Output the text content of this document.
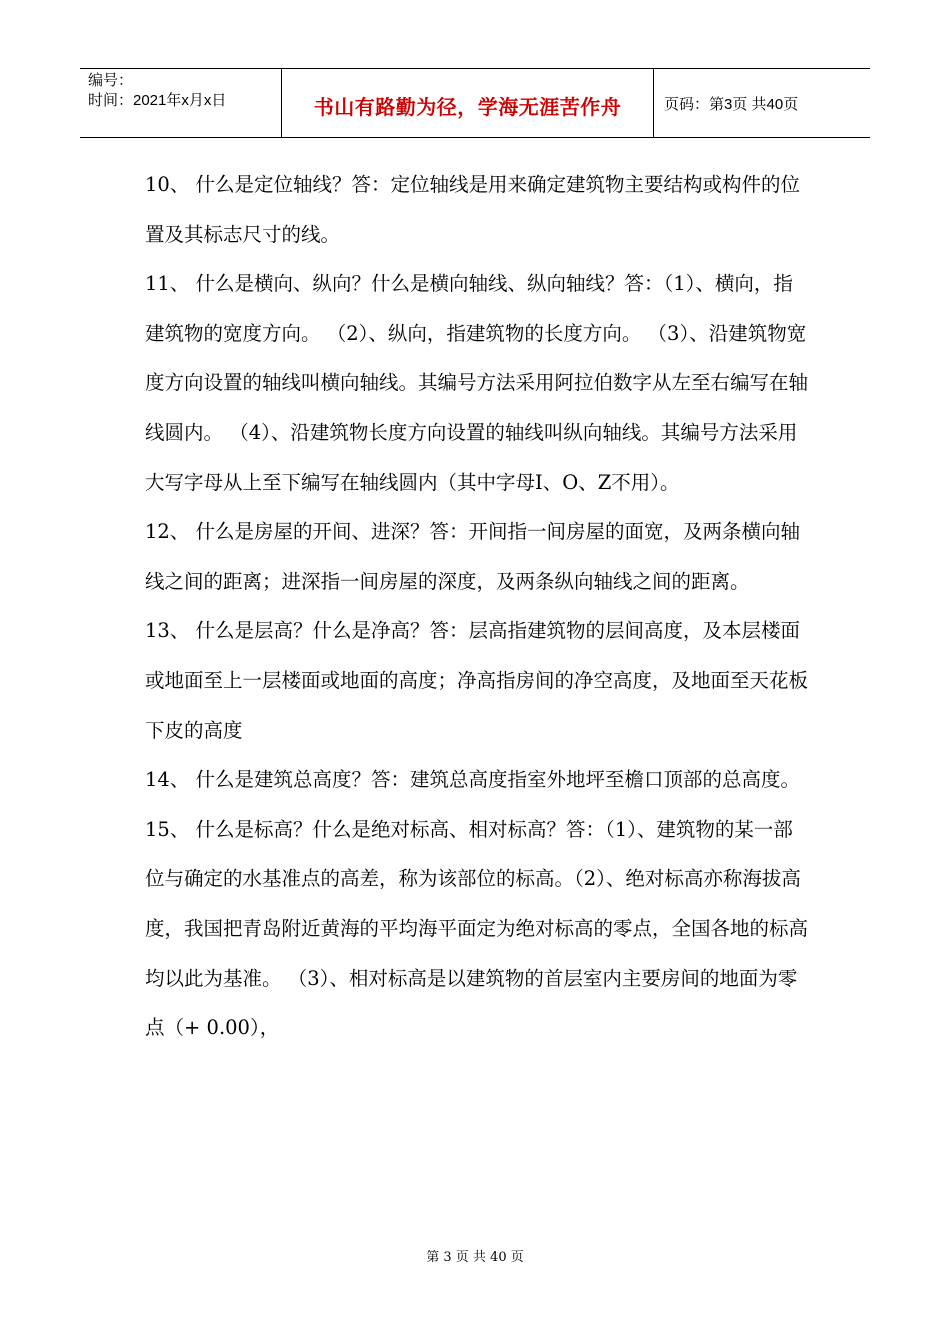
编号：
时间：2021年x月x日	书山有路勤为径，学海无涯苦作舟	页码：第3页 共40页

10、 什么是定位轴线？答：定位轴线是用来确定建筑物主要结构或构件的位置及其标志尺寸的线。

11、 什么是横向、纵向？什么是横向轴线、纵向轴线？答：（1）、横向，指建筑物的宽度方向。 （2）、纵向，指建筑物的长度方向。 （3）、沿建筑物宽度方向设置的轴线叫横向轴线。其编号方法采用阿拉伯数字从左至右编写在轴线圆内。 （4）、沿建筑物长度方向设置的轴线叫纵向轴线。其编号方法采用大写字母从上至下编写在轴线圆内（其中字母I、O、Z不用）。

12、 什么是房屋的开间、进深？答：开间指一间房屋的面宽，及两条横向轴线之间的距离；进深指一间房屋的深度，及两条纵向轴线之间的距离。

13、 什么是层高？什么是净高？答：层高指建筑物的层间高度，及本层楼面或地面至上一层楼面或地面的高度；净高指房间的净空高度，及地面至天花板下皮的高度

14、 什么是建筑总高度？答：建筑总高度指室外地坪至檐口顶部的总高度。

15、 什么是标高？什么是绝对标高、相对标高？答：（1）、建筑物的某一部位与确定的水基准点的高差，称为该部位的标高。（2）、绝对标高亦称海拔高度，我国把青岛附近黄海的平均海平面定为绝对标高的零点，全国各地的标高均以此为基准。 （3）、相对标高是以建筑物的首层室内主要房间的地面为零点（+ 0.00），

第 3 页 共 40 页
